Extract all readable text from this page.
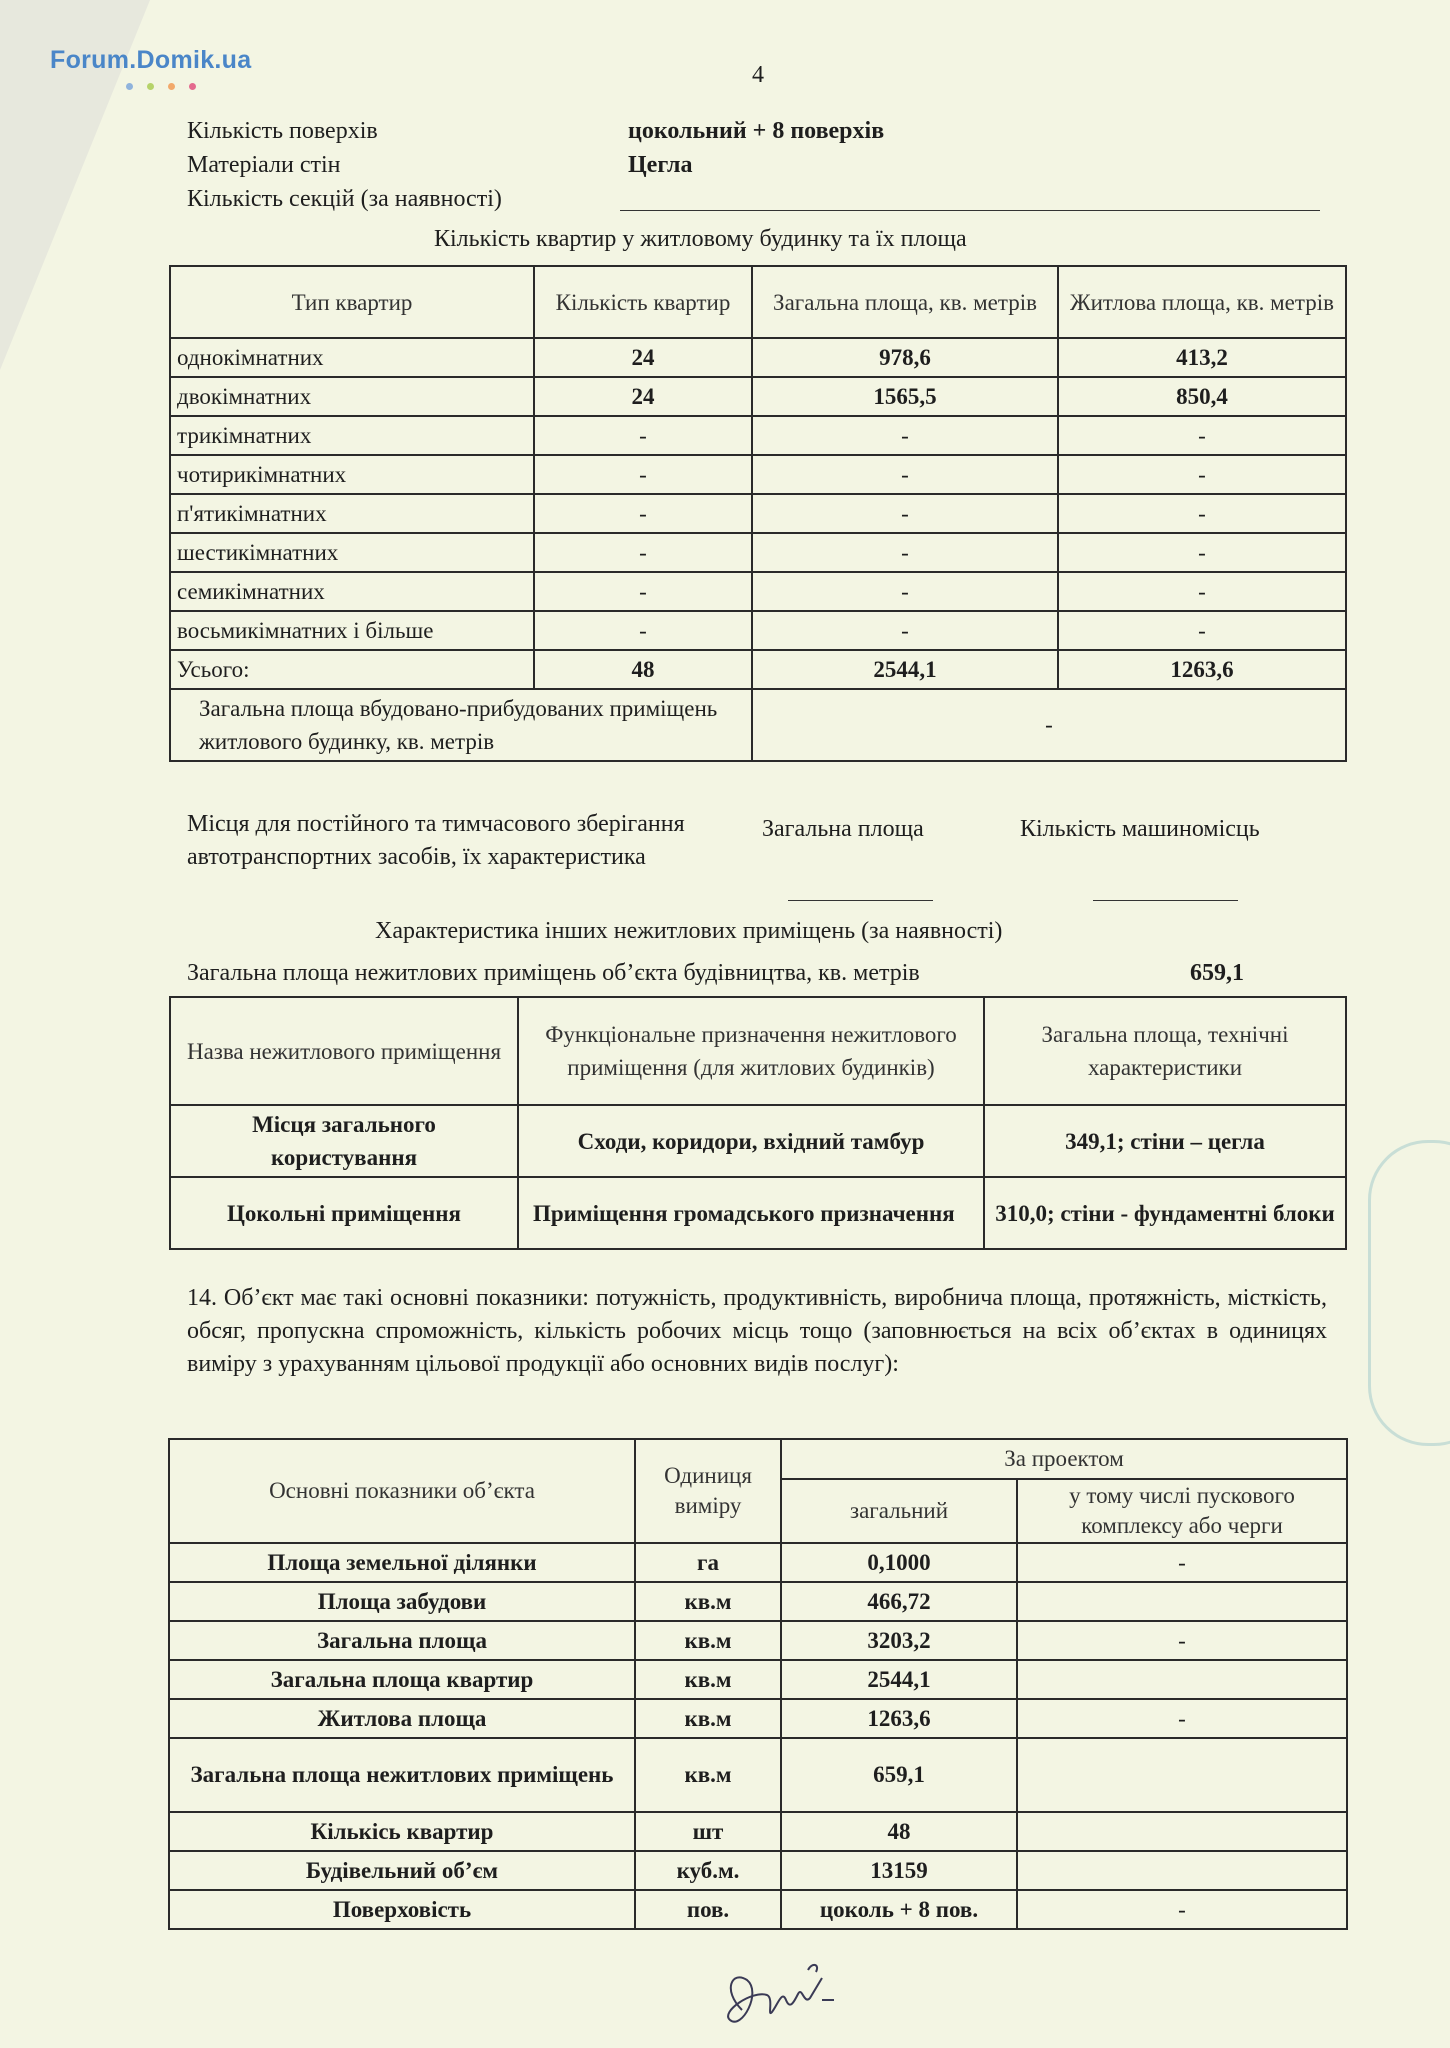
Forum.Domik.ua
4
Кількість поверхів	цокольний + 8 поверхів
Матеріали стін	Цегла
Кількість секцій (за наявності)
Кількість квартир у житловому будинку та їх площа
Тип квартир	Кількість квартир	Загальна площа, кв. метрів	Житлова площа, кв. метрів
однокімнатних	24	978,6	413,2
двокімнатних	24	1565,5	850,4
трикімнатних	-	-	-
чотирикімнатних	-	-	-
п'ятикімнатних	-	-	-
шестикімнатних	-	-	-
семикімнатних	-	-	-
восьмикімнатних і більше	-	-	-
Усього:	48	2544,1	1263,6
Загальна площа вбудовано-прибудованих приміщень житлового будинку, кв. метрів		-	
Місця для постійного та тимчасового зберігання автотранспортних засобів, їх характеристика
Загальна площа	Кількість машиномісць
Характеристика інших нежитлових приміщень (за наявності)
Загальна площа нежитлових приміщень об’єкта будівництва, кв. метрів	659,1
Назва нежитлового приміщення	Функціональне призначення нежитлового приміщення (для житлових будинків)	Загальна площа, технічні характеристики
Місця загального користування	Сходи, коридори, вхідний тамбур	349,1; стіни – цегла
Цокольні приміщення	Приміщення громадського призначення	310,0; стіни - фундаментні блоки
14. Об’єкт має такі основні показники: потужність, продуктивність, виробнича площа, протяжність, місткість, обсяг, пропускна спроможність, кількість робочих місць тощо (заповнюється на всіх об’єктах в одиницях виміру з урахуванням цільової продукції або основних видів послуг):
Основні показники об’єкта	Одиниця виміру	За проектом	
		загальний	у тому числі пускового комплексу або черги
Площа земельної ділянки	га	0,1000	-
Площа забудови	кв.м	466,72	
Загальна площа	кв.м	3203,2	-
Загальна площа квартир	кв.м	2544,1	
Житлова площа	кв.м	1263,6	-
Загальна площа нежитлових приміщень	кв.м	659,1	
Кількісь квартир	шт	48	
Будівельний об’єм	куб.м.	13159	
Поверховість	пов.	цоколь + 8 пов.	-
